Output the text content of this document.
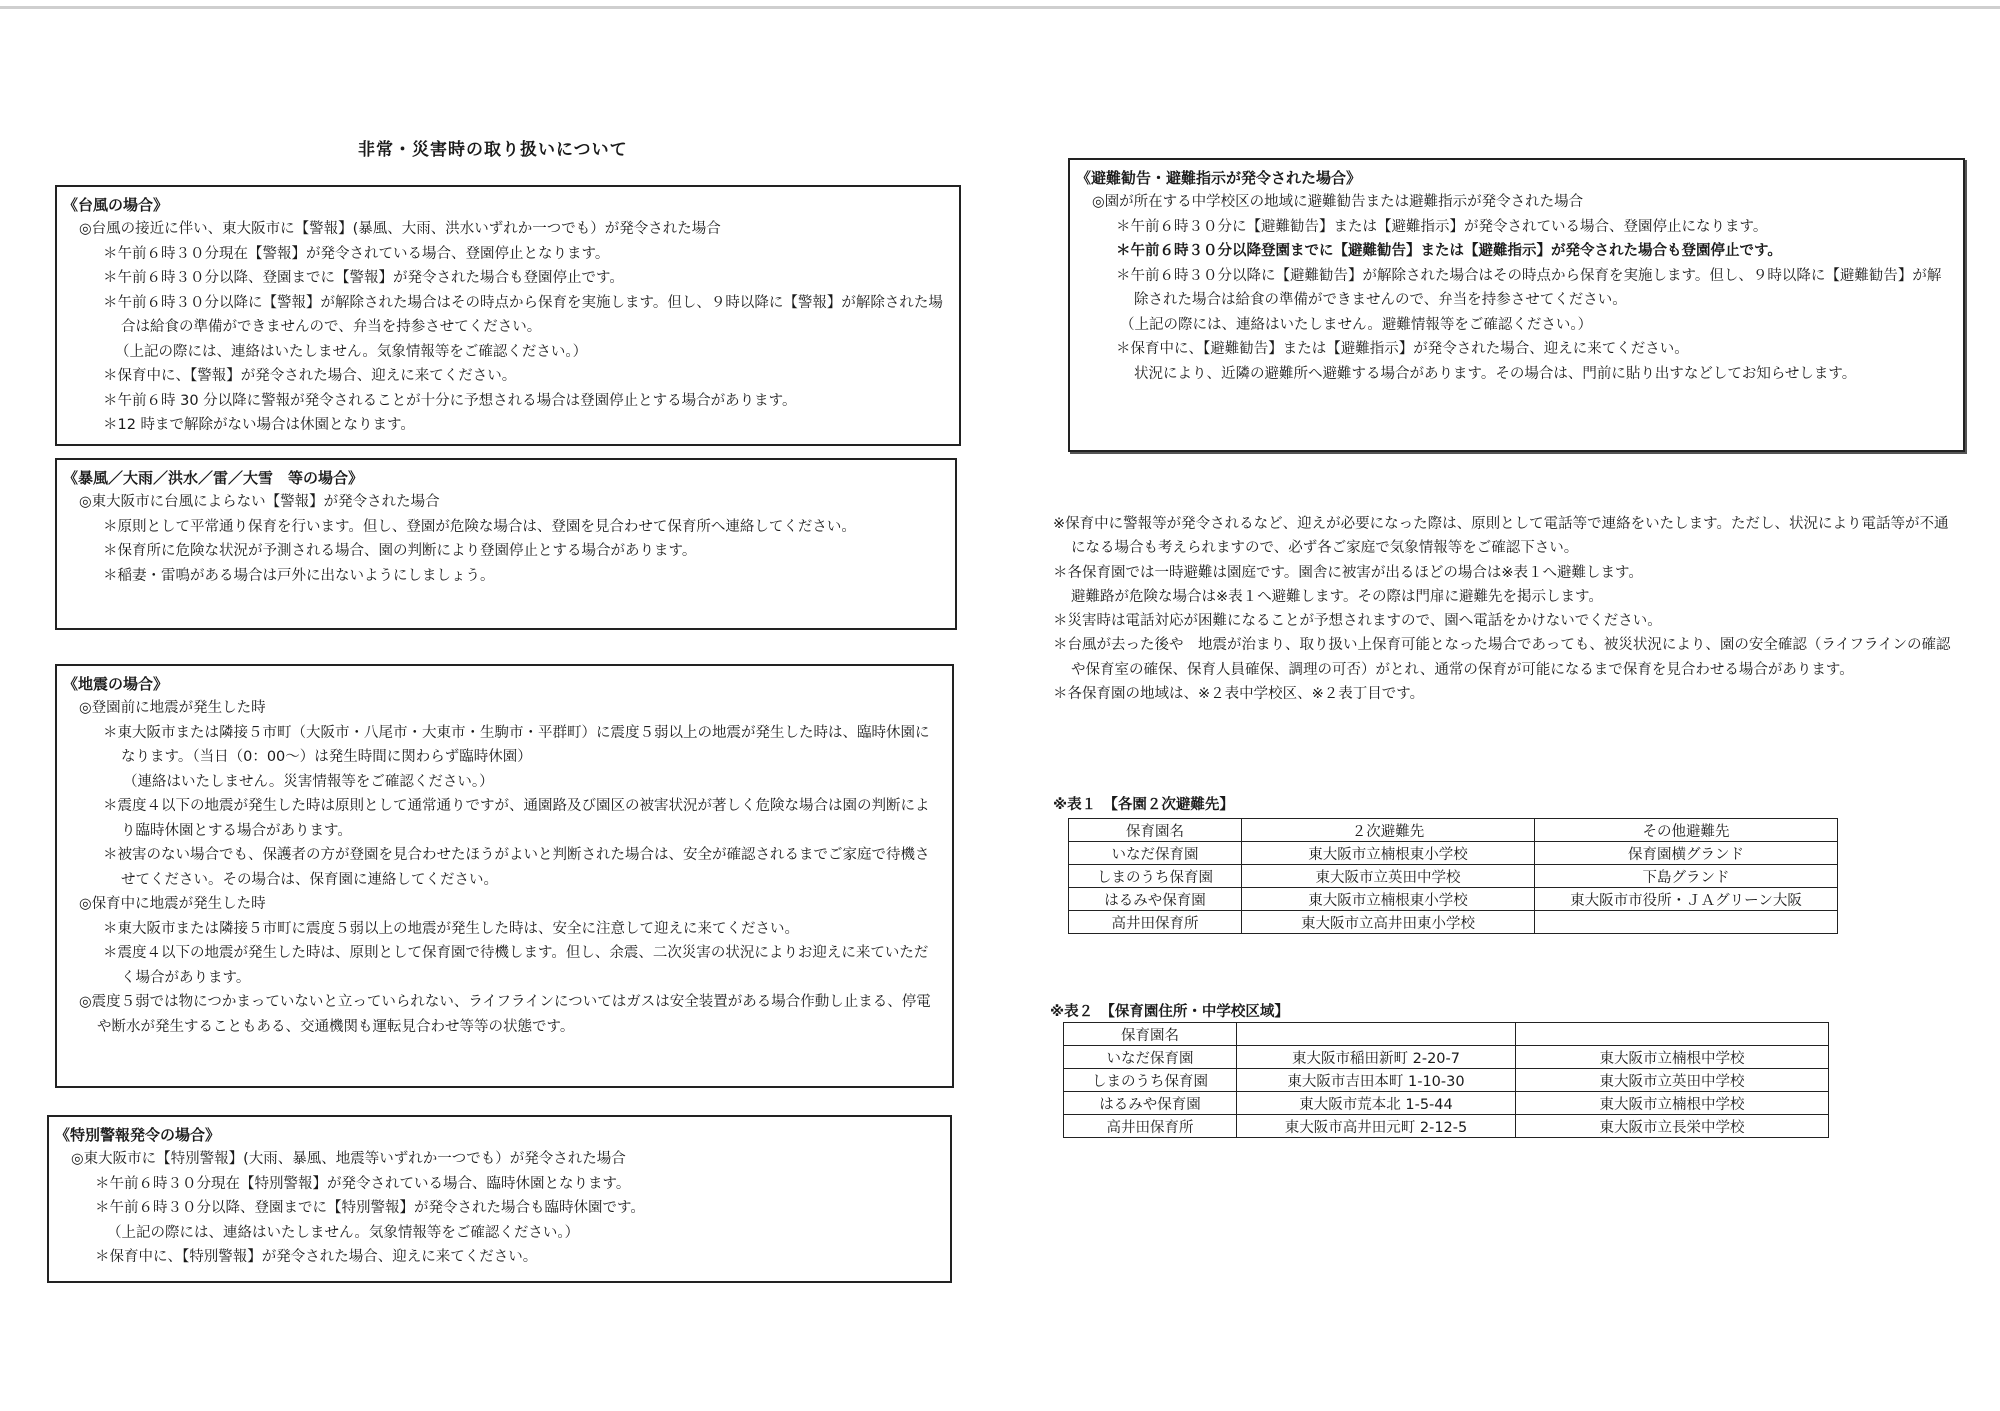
非常・災害時の取り扱いについて
《台風の場合》
◎台風の接近に伴い、東大阪市に【警報】(暴風、大雨、洪水いずれか一つでも）が発令された場合
＊午前６時３０分現在【警報】が発令されている場合、登園停止となります。
＊午前６時３０分以降、登園までに【警報】が発令された場合も登園停止です。
＊午前６時３０分以降に【警報】が解除された場合はその時点から保育を実施します。但し、９時以降に【警報】が解除された場合は給食の準備ができませんので、弁当を持参させてください。
（上記の際には、連絡はいたしません。気象情報等をご確認ください。）
＊保育中に、【警報】が発令された場合、迎えに来てください。
＊午前６時 30 分以降に警報が発令されることが十分に予想される場合は登園停止とする場合があります。
＊12 時まで解除がない場合は休園となります。
《暴風／大雨／洪水／雷／大雪　等の場合》
◎東大阪市に台風によらない【警報】が発令された場合
＊原則として平常通り保育を行います。但し、登園が危険な場合は、登園を見合わせて保育所へ連絡してください。
＊保育所に危険な状況が予測される場合、園の判断により登園停止とする場合があります。
＊稲妻・雷鳴がある場合は戸外に出ないようにしましょう。
《地震の場合》
◎登園前に地震が発生した時
＊東大阪市または隣接５市町（大阪市・八尾市・大東市・生駒市・平群町）に震度５弱以上の地震が発生した時は、臨時休園になります。（当日（0：00〜）は発生時間に関わらず臨時休園）
（連絡はいたしません。災害情報等をご確認ください。）
＊震度４以下の地震が発生した時は原則として通常通りですが、通園路及び園区の被害状況が著しく危険な場合は園の判断により臨時休園とする場合があります。
＊被害のない場合でも、保護者の方が登園を見合わせたほうがよいと判断された場合は、安全が確認されるまでご家庭で待機させてください。その場合は、保育園に連絡してください。
◎保育中に地震が発生した時
＊東大阪市または隣接５市町に震度５弱以上の地震が発生した時は、安全に注意して迎えに来てください。
＊震度４以下の地震が発生した時は、原則として保育園で待機します。但し、余震、二次災害の状況によりお迎えに来ていただく場合があります。
◎震度５弱では物につかまっていないと立っていられない、ライフラインについてはガスは安全装置がある場合作動し止まる、停電や断水が発生することもある、交通機関も運転見合わせ等等の状態です。
《特別警報発令の場合》
◎東大阪市に【特別警報】(大雨、暴風、地震等いずれか一つでも）が発令された場合
＊午前６時３０分現在【特別警報】が発令されている場合、臨時休園となります。
＊午前６時３０分以降、登園までに【特別警報】が発令された場合も臨時休園です。
（上記の際には、連絡はいたしません。気象情報等をご確認ください。）
＊保育中に、【特別警報】が発令された場合、迎えに来てください。
《避難勧告・避難指示が発令された場合》
◎園が所在する中学校区の地域に避難勧告または避難指示が発令された場合
＊午前６時３０分に【避難勧告】または【避難指示】が発令されている場合、登園停止になります。
＊午前６時３０分以降登園までに【避難勧告】または【避難指示】が発令された場合も登園停止です。
＊午前６時３０分以降に【避難勧告】が解除された場合はその時点から保育を実施します。但し、９時以降に【避難勧告】が解除された場合は給食の準備ができませんので、弁当を持参させてください。
（上記の際には、連絡はいたしません。避難情報等をご確認ください。）
＊保育中に、【避難勧告】または【避難指示】が発令された場合、迎えに来てください。
状況により、近隣の避難所へ避難する場合があります。その場合は、門前に貼り出すなどしてお知らせします。
※保育中に警報等が発令されるなど、迎えが必要になった際は、原則として電話等で連絡をいたします。ただし、状況により電話等が不通になる場合も考えられますので、必ず各ご家庭で気象情報等をご確認下さい。
＊各保育園では一時避難は園庭です。園舎に被害が出るほどの場合は※表１へ避難します。
避難路が危険な場合は※表１へ避難します。その際は門扉に避難先を掲示します。
＊災害時は電話対応が困難になることが予想されますので、園へ電話をかけないでください。
＊台風が去った後や　地震が治まり、取り扱い上保育可能となった場合であっても、被災状況により、園の安全確認（ライフラインの確認や保育室の確保、保育人員確保、調理の可否）がとれ、通常の保育が可能になるまで保育を見合わせる場合があります。
＊各保育園の地域は、※２表中学校区、※２表丁目です。
※表１　【各園２次避難先】
保育園名	２次避難先	その他避難先
いなだ保育園	東大阪市立楠根東小学校	保育園横グランド
しまのうち保育園	東大阪市立英田中学校	下島グランド
はるみや保育園	東大阪市立楠根東小学校	東大阪市市役所・ＪＡグリーン大阪
高井田保育所	東大阪市立高井田東小学校	
※表２　【保育園住所・中学校区域】
保育園名		
いなだ保育園	東大阪市稲田新町 2-20-7	東大阪市立楠根中学校
しまのうち保育園	東大阪市吉田本町 1-10-30	東大阪市立英田中学校
はるみや保育園	東大阪市荒本北 1-5-44	東大阪市立楠根中学校
高井田保育所	東大阪市高井田元町 2-12-5	東大阪市立長栄中学校
